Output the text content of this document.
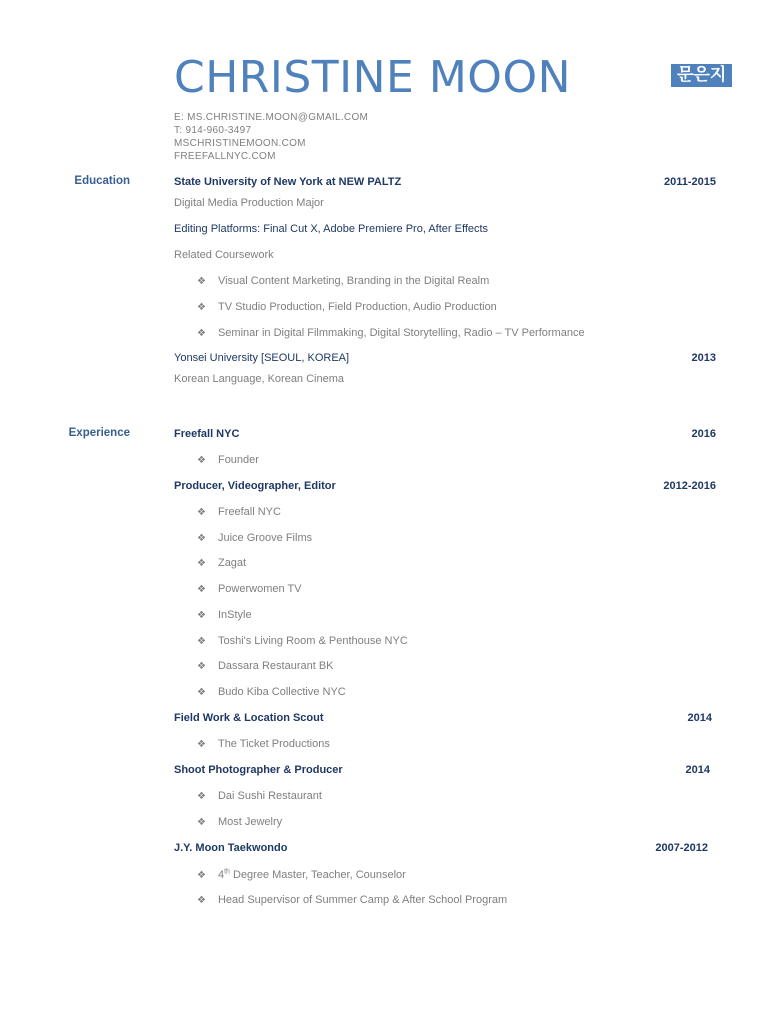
CHRISTINE MOON	문은지
E: MS.CHRISTINE.MOON@GMAIL.COM
T: 914-960-3497
MSCHRISTINEMOON.COM
FREEFALLNYC.COM
Education	State University of New York at NEW PALTZ	2011-2015
Digital Media Production Major
Editing Platforms: Final Cut X, Adobe Premiere Pro, After Effects
Related Coursework
❖ Visual Content Marketing, Branding in the Digital Realm
❖ TV Studio Production, Field Production, Audio Production
❖ Seminar in Digital Filmmaking, Digital Storytelling, Radio – TV Performance
Yonsei University [SEOUL, KOREA]	2013
Korean Language, Korean Cinema
Experience	Freefall NYC	2016
❖ Founder
Producer, Videographer, Editor	2012-2016
❖ Freefall NYC
❖ Juice Groove Films
❖ Zagat
❖ Powerwomen TV
❖ InStyle
❖ Toshi's Living Room & Penthouse NYC
❖ Dassara Restaurant BK
❖ Budo Kiba Collective NYC
Field Work & Location Scout	2014
❖ The Ticket Productions
Shoot Photographer & Producer	2014
❖ Dai Sushi Restaurant
❖ Most Jewelry
J.Y. Moon Taekwondo	2007-2012
❖ 4th Degree Master, Teacher, Counselor
❖ Head Supervisor of Summer Camp & After School Program
